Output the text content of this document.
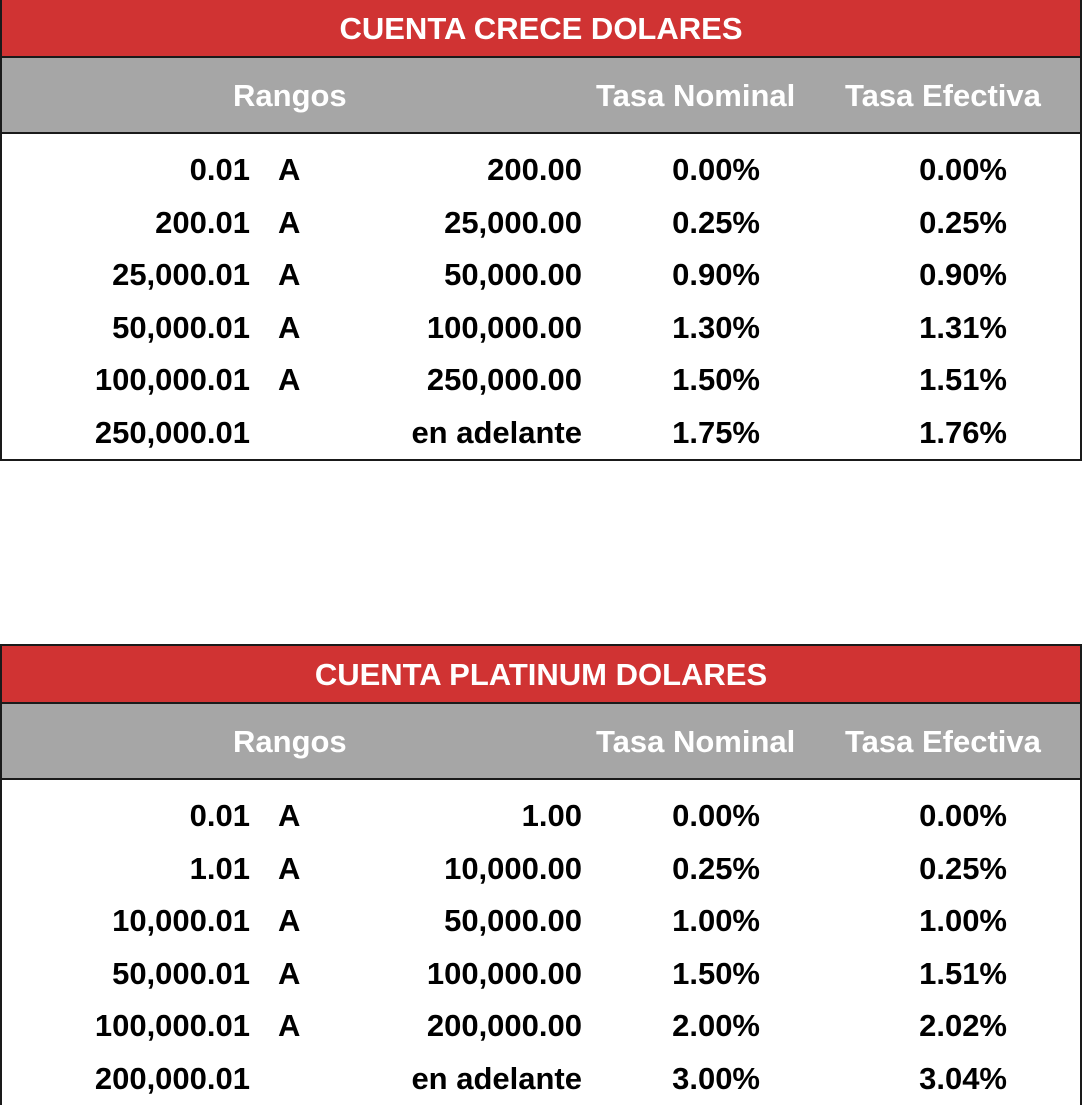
CUENTA CRECE DOLARES
Rangos	Tasa Nominal Tasa Efectiva
0.01 A	200.00	0.00%	0.00%
200.01 A	25,000.00	0.25%	0.25%
25,000.01 A	50,000.00	0.90%	0.90%
50,000.01 A	100,000.00	1.30%	1.31%
100,000.01 A	250,000.00	1.50%	1.51%
250,000.01	en adelante	1.75%	1.76%
CUENTA PLATINUM DOLARES
Rangos	Tasa Nominal Tasa Efectiva
0.01 A	1.00	0.00%	0.00%
1.01 A	10,000.00	0.25%	0.25%
10,000.01 A	50,000.00	1.00%	1.00%
50,000.01 A	100,000.00	1.50%	1.51%
100,000.01 A	200,000.00	2.00%	2.02%
200,000.01	en adelante	3.00%	3.04%
